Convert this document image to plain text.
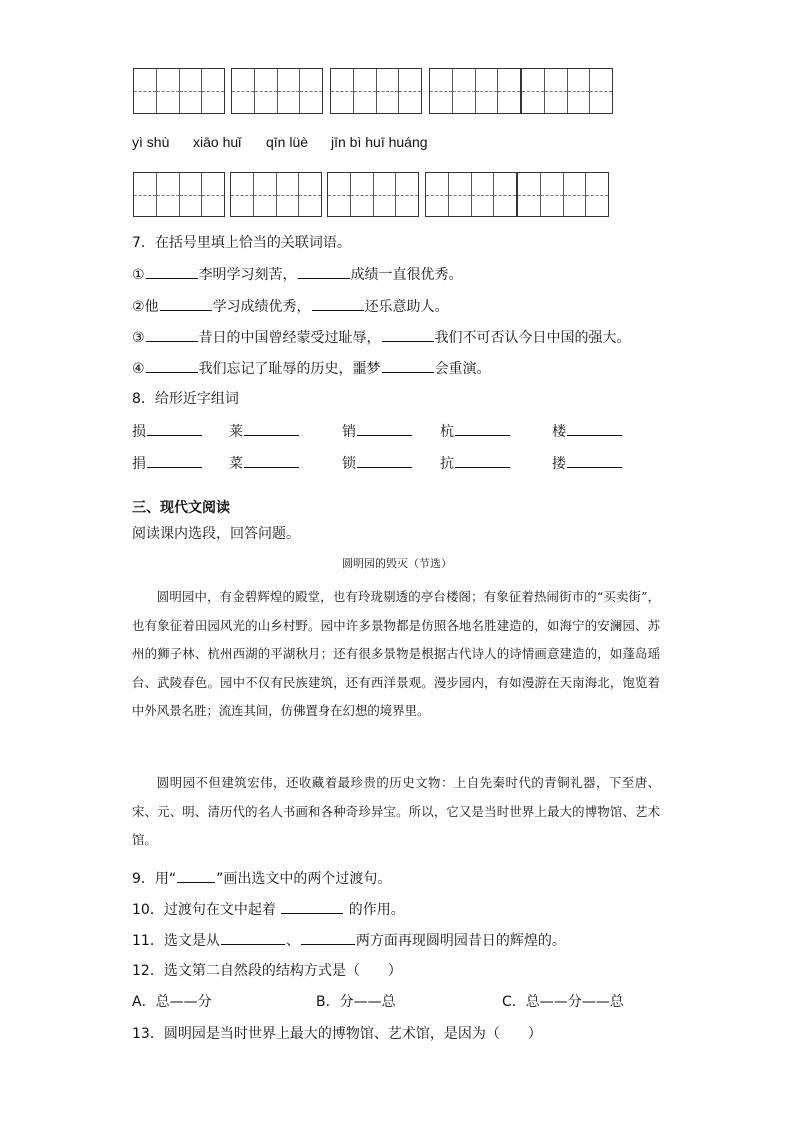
yì shù xiāo huǐ qīn lüè jīn bì huī huáng
7．在括号里填上恰当的关联词语。
①	李明学习刻苦，	成绩一直很优秀。
②他	学习成绩优秀，	还乐意助人。
③	昔日的中国曾经蒙受过耻辱，	我们不可否认今日中国的强大。
④	我们忘记了耻辱的历史，噩梦	会重演。
8．给形近字组词
损	莱	销	杭	楼
捐	菜	锁	抗	搂
三、现代文阅读
阅读课内选段，回答问题。
圆明园的毁灭（节选）
圆明园中，有金碧辉煌的殿堂，也有玲珑剔透的亭台楼阁；有象征着热闹街市的“买卖街”，也有象征着田园风光的山乡村野。园中许多景物都是仿照各地名胜建造的，如海宁的安澜园、苏州的狮子林、杭州西湖的平湖秋月；还有很多景物是根据古代诗人的诗情画意建造的，如蓬岛瑶台、武陵春色。园中不仅有民族建筑，还有西洋景观。漫步园内，有如漫游在天南海北，饱览着中外风景名胜；流连其间，仿佛置身在幻想的境界里。
圆明园不但建筑宏伟，还收藏着最珍贵的历史文物：上自先秦时代的青铜礼器，下至唐、宋、元、明、清历代的名人书画和各种奇珍异宝。所以，它又是当时世界上最大的博物馆、艺术馆。
9．用“	”画出选文中的两个过渡句。
10．过渡句在文中起着	的作用。
11．选文是从	、	两方面再现圆明园昔日的辉煌的。
12．选文第二自然段的结构方式是（　　）
A．总——分	B．分——总	C．总——分——总
13．圆明园是当时世界上最大的博物馆、艺术馆，是因为（　　）
